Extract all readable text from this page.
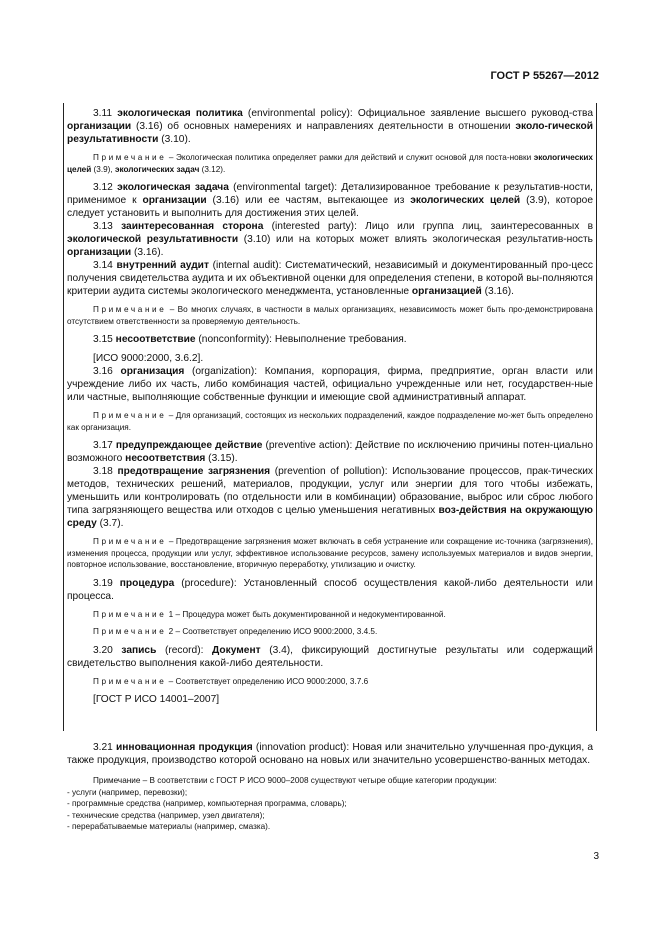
ГОСТ Р 55267—2012

3.11 экологическая политика (environmental policy): Официальное заявление высшего руковод-ства организации (3.16) об основных намерениях и направлениях деятельности в отношении эколо-гической результативности (3.10).

Примечание – Экологическая политика определяет рамки для действий и служит основой для поста-новки экологических целей (3.9), экологических задач (3.12).

3.12 экологическая задача (environmental target): Детализированное требование к результатив-ности, применимое к организации (3.16) или ее частям, вытекающее из экологических целей (3.9), которое следует установить и выполнить для достижения этих целей.

3.13 заинтересованная сторона (interested party): Лицо или группа лиц, заинтересованных в экологической результативности (3.10) или на которых может влиять экологическая результатив-ность организации (3.16).

3.14 внутренний аудит (internal audit): Систематический, независимый и документированный про-цесс получения свидетельства аудита и их объективной оценки для определения степени, в которой вы-полняются критерии аудита системы экологического менеджмента, установленные организацией (3.16).

Примечание – Во многих случаях, в частности в малых организациях, независимость может быть про-демонстрирована отсутствием ответственности за проверяемую деятельность.

3.15 несоответствие (nonconformity): Невыполнение требования.

[ИСО 9000:2000, 3.6.2].

3.16 организация (organization): Компания, корпорация, фирма, предприятие, орган власти или учреждение либо их часть, либо комбинация частей, официально учрежденные или нет, государствен-ные или частные, выполняющие собственные функции и имеющие свой административный аппарат.

Примечание – Для организаций, состоящих из нескольких подразделений, каждое подразделение мо-жет быть определено как организация.

3.17 предупреждающее действие (preventive action): Действие по исключению причины потен-циально возможного несоответствия (3.15).

3.18 предотвращение загрязнения (prevention of pollution): Использование процессов, прак-тических методов, технических решений, материалов, продукции, услуг или энергии для того чтобы избежать, уменьшить или контролировать (по отдельности или в комбинации) образование, выброс или сброс любого типа загрязняющего вещества или отходов с целью уменьшения негативных воз-действия на окружающую среду (3.7).

Примечание – Предотвращение загрязнения может включать в себя устранение или сокращение ис-точника (загрязнения), изменения процесса, продукции или услуг, эффективное использование ресурсов, замену используемых материалов и видов энергии, повторное использование, восстановление, вторичную переработку, утилизацию и очистку.

3.19 процедура (procedure): Установленный способ осуществления какой-либо деятельности или процесса.

Примечание 1 – Процедура может быть документированной и недокументированной.

Примечание 2 – Соответствует определению ИСО 9000:2000, 3.4.5.

3.20 запись (record): Документ (3.4), фиксирующий достигнутые результаты или содержащий свидетельство выполнения какой-либо деятельности.

Примечание – Соответствует определению ИСО 9000:2000, 3.7.6

[ГОСТ Р ИСО 14001–2007]

3.21 инновационная продукция (innovation product): Новая или значительно улучшенная про-дукция, а также продукция, производство которой основано на новых или значительно усовершенство-ванных методах.

Примечание – В соответствии с ГОСТ Р ИСО 9000–2008 существуют четыре общие категории продукции:

- услуги (например, перевозки);

- программные средства (например, компьютерная программа, словарь);

- технические средства (например, узел двигателя);

- перерабатываемые материалы (например, смазка).

3
